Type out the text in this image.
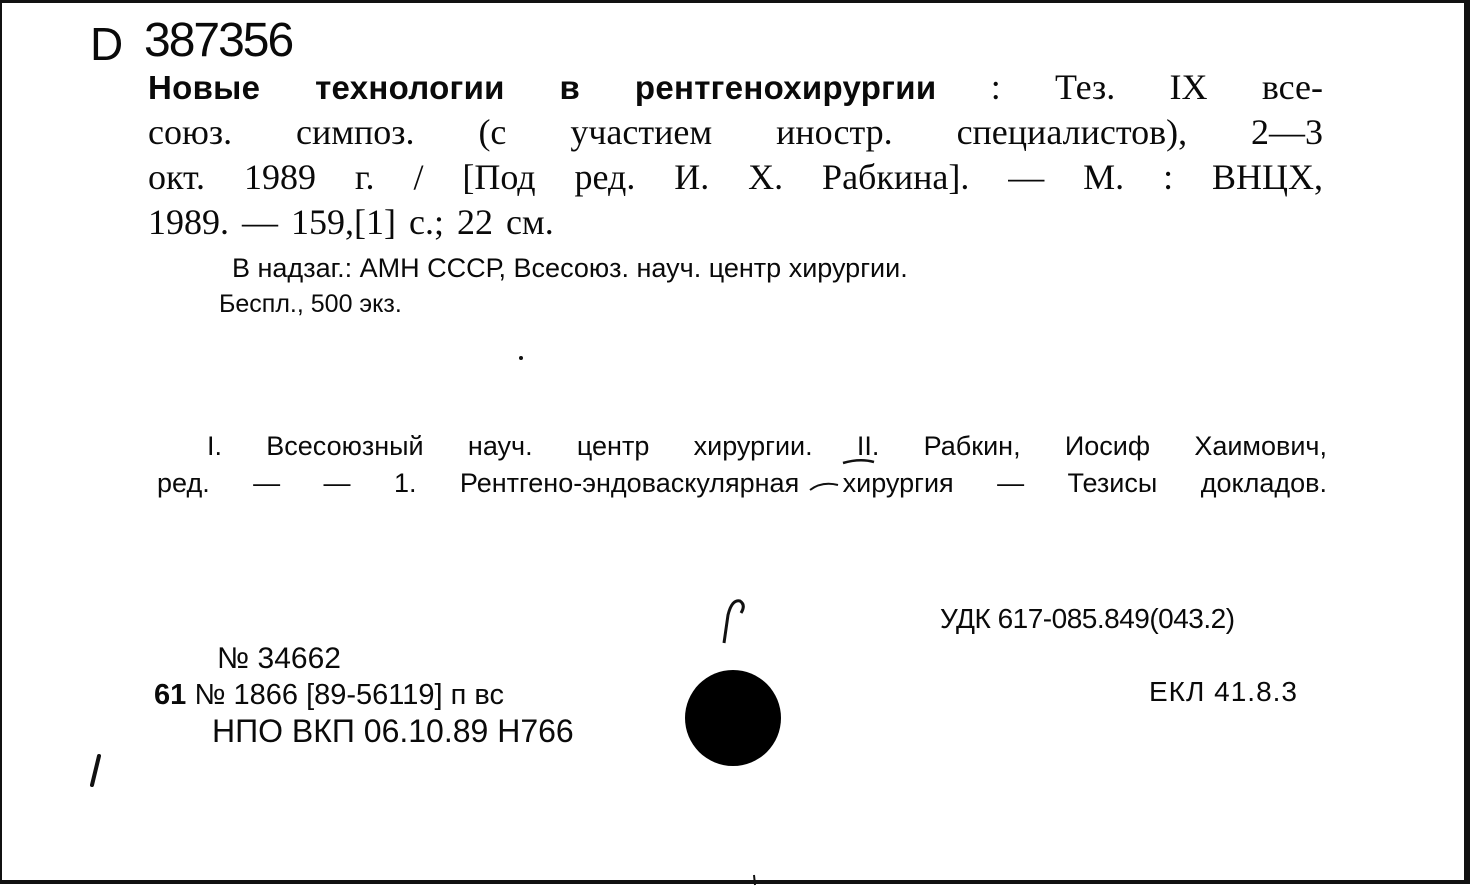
D 387356
Новые технологии в рентгенохирургии : Тез. IX все-
союз. симпоз. (с участием иностр. специалистов), 2—3
окт. 1989 г. / [Под ред. И. Х. Рабкина]. — М. : ВНЦХ,
1989. — 159,[1] с.; 22 см.
В надзаг.: АМН СССР, Всесоюз. науч. центр хирургии.
Беспл., 500 экз.
I. Всесоюзный науч. центр хирургии. II. Рабкин, Иосиф Хаимович,
ред. — — 1. Рентгено-эндоваскулярная хирургия — Тезисы докладов.
УДК 617-085.849(043.2)
ЕКЛ 41.8.3
№ 34662
61 № 1866 [89-56119] п вс
НПО ВКП 06.10.89 Н766
